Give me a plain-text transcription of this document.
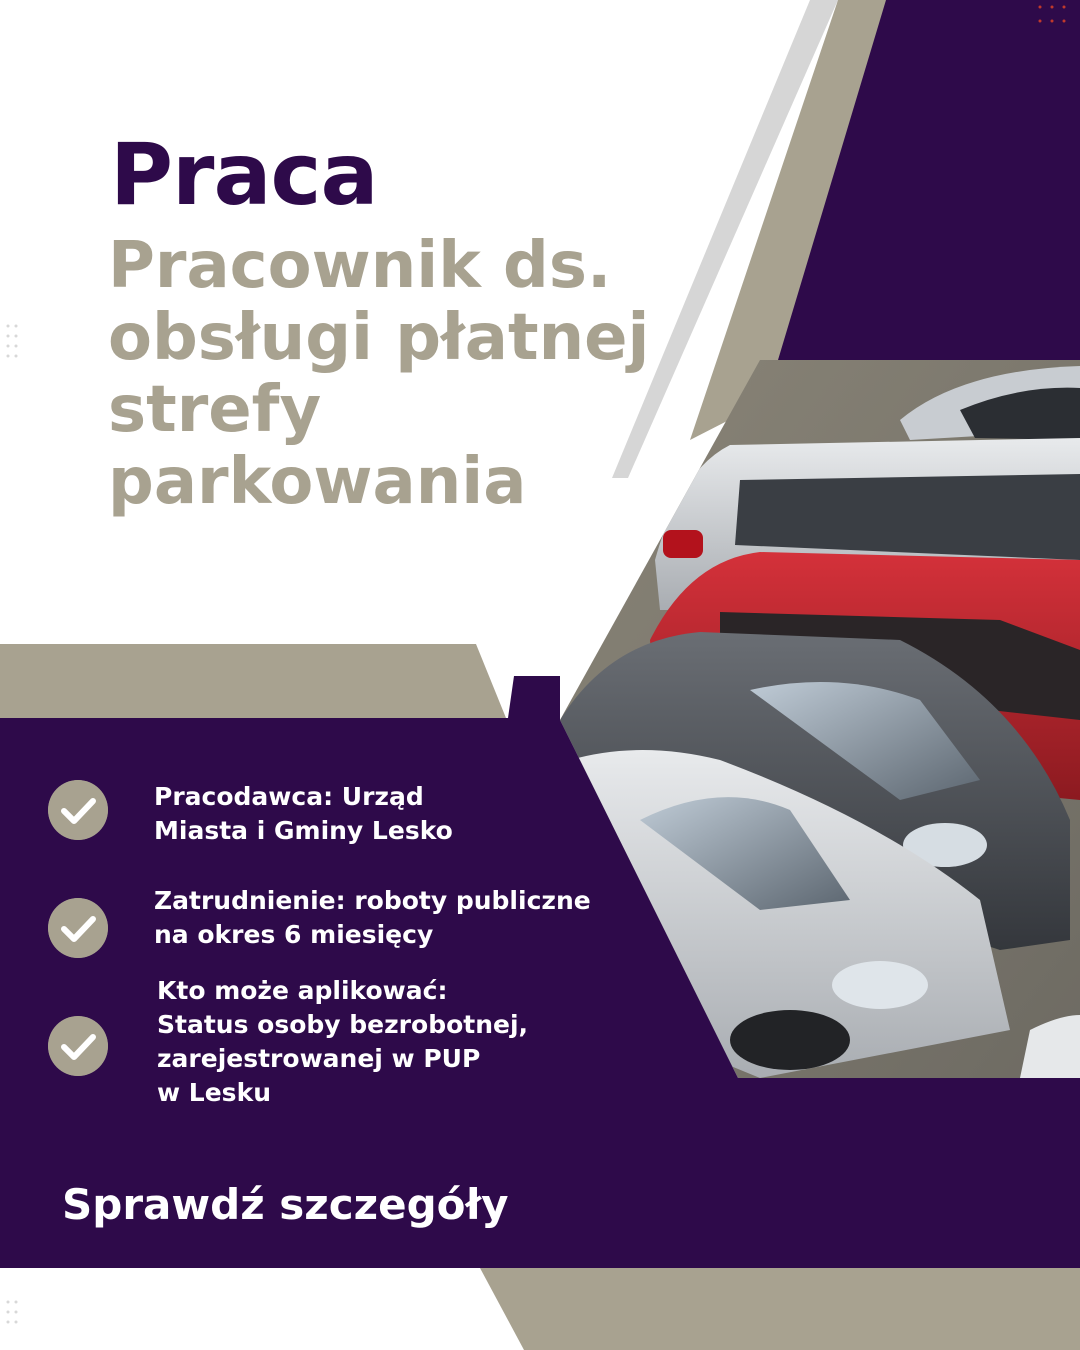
Praca
Pracownik ds.
obsługi płatnej
strefy
parkowania
Pracodawca: Urząd
Miasta i Gminy Lesko
Zatrudnienie: roboty publiczne
na okres 6 miesięcy
Kto może aplikować:
Status osoby bezrobotnej,
zarejestrowanej w PUP
w Lesku
Sprawdź szczegóły
